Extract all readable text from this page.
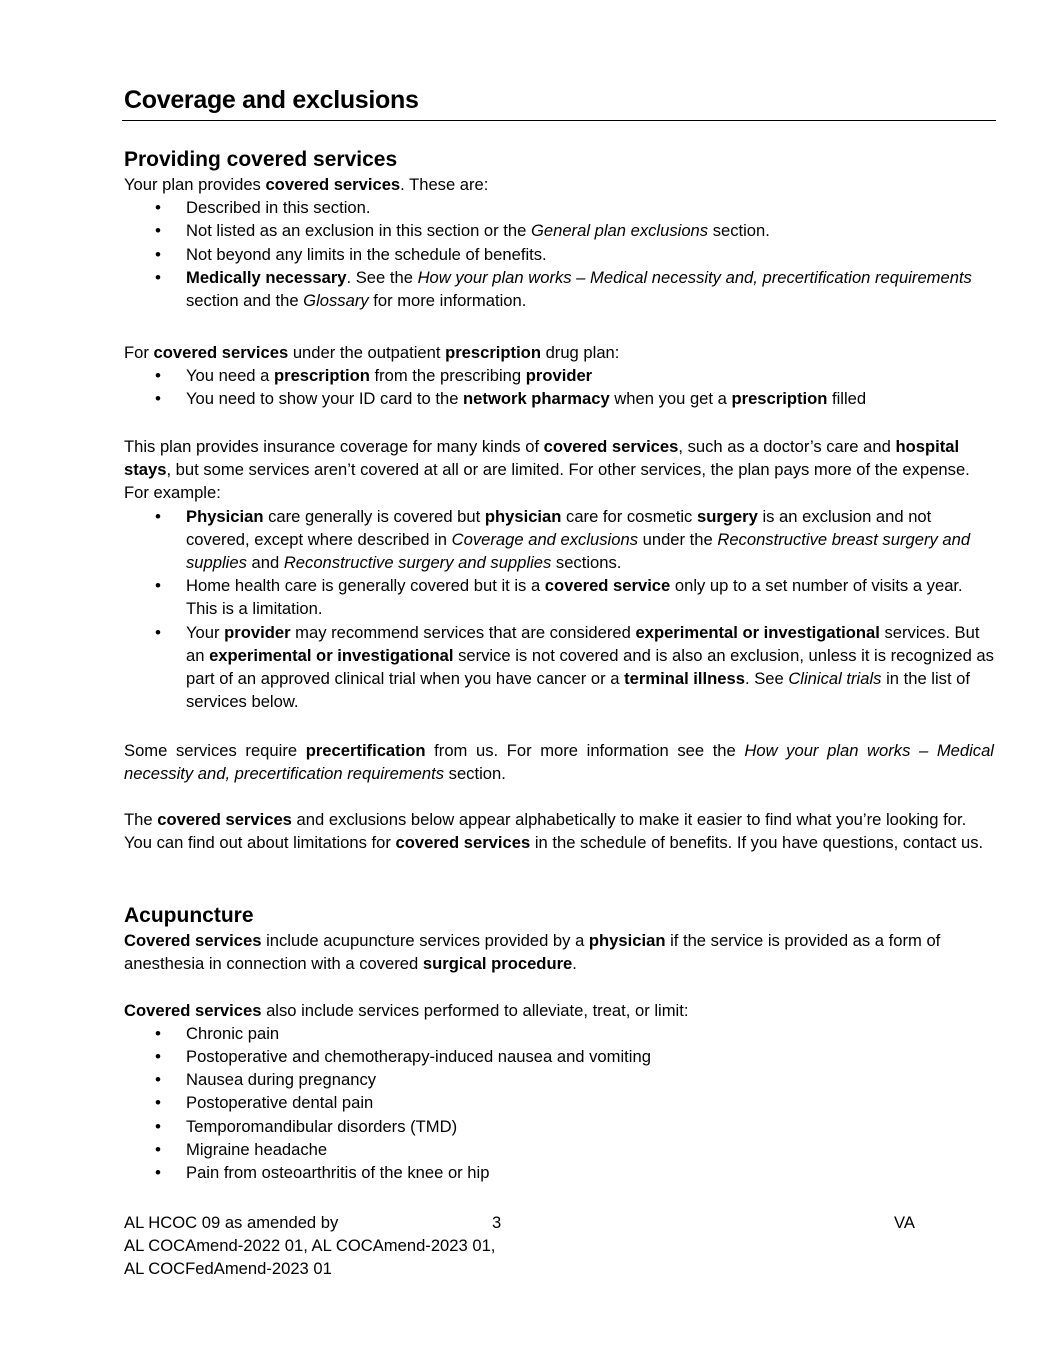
Coverage and exclusions
Providing covered services

Your plan provides covered services. These are:

• Described in this section.
• Not listed as an exclusion in this section or the General plan exclusions section.
• Not beyond any limits in the schedule of benefits.
• Medically necessary. See the How your plan works – Medical necessity and, precertification requirements section and the Glossary for more information.

For covered services under the outpatient prescription drug plan:

• You need a prescription from the prescribing provider
• You need to show your ID card to the network pharmacy when you get a prescription filled

This plan provides insurance coverage for many kinds of covered services, such as a doctor’s care and hospital stays, but some services aren’t covered at all or are limited. For other services, the plan pays more of the expense. For example:

• Physician care generally is covered but physician care for cosmetic surgery is an exclusion and not covered, except where described in Coverage and exclusions under the Reconstructive breast surgery and supplies and Reconstructive surgery and supplies sections.
• Home health care is generally covered but it is a covered service only up to a set number of visits a year. This is a limitation.
• Your provider may recommend services that are considered experimental or investigational services. But an experimental or investigational service is not covered and is also an exclusion, unless it is recognized as part of an approved clinical trial when you have cancer or a terminal illness. See Clinical trials in the list of services below.

Some services require precertification from us. For more information see the How your plan works – Medical necessity and, precertification requirements section.

The covered services and exclusions below appear alphabetically to make it easier to find what you’re looking for. You can find out about limitations for covered services in the schedule of benefits. If you have questions, contact us.

Acupuncture

Covered services include acupuncture services provided by a physician if the service is provided as a form of anesthesia in connection with a covered surgical procedure.

Covered services also include services performed to alleviate, treat, or limit:

• Chronic pain
• Postoperative and chemotherapy-induced nausea and vomiting
• Nausea during pregnancy
• Postoperative dental pain
• Temporomandibular disorders (TMD)
• Migraine headache
• Pain from osteoarthritis of the knee or hip
AL HCOC 09 as amended by
AL COCAmend-2022 01, AL COCAmend-2023 01,
AL COCFedAmend-2023 01
3	VA
